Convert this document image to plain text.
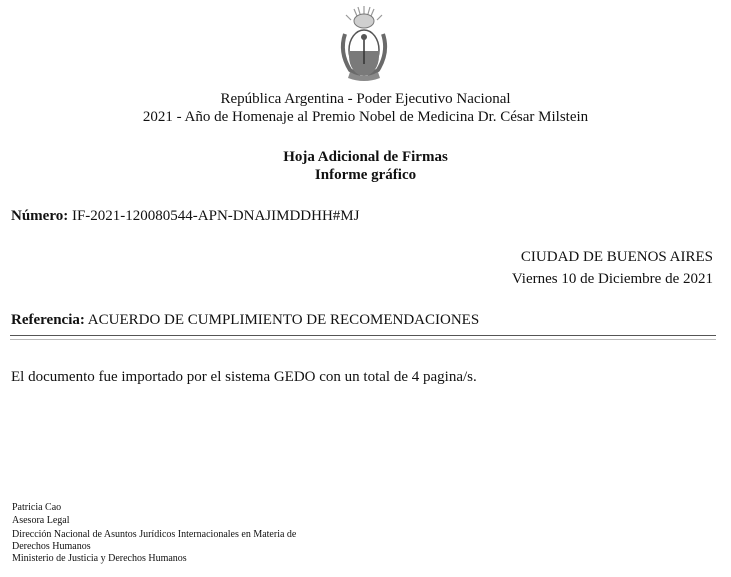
República Argentina - Poder Ejecutivo Nacional
2021 - Año de Homenaje al Premio Nobel de Medicina Dr. César Milstein
Hoja Adicional de Firmas
Informe gráfico
Número: IF-2021-120080544-APN-DNAJIMDDHH#MJ
CIUDAD DE BUENOS AIRES
Viernes 10 de Diciembre de 2021
Referencia: ACUERDO DE CUMPLIMIENTO DE RECOMENDACIONES
El documento fue importado por el sistema GEDO con un total de 4 pagina/s.
Patricia Cao
Asesora Legal
Dirección Nacional de Asuntos Jurídicos Internacionales en Materia de
Derechos Humanos
Ministerio de Justicia y Derechos Humanos
